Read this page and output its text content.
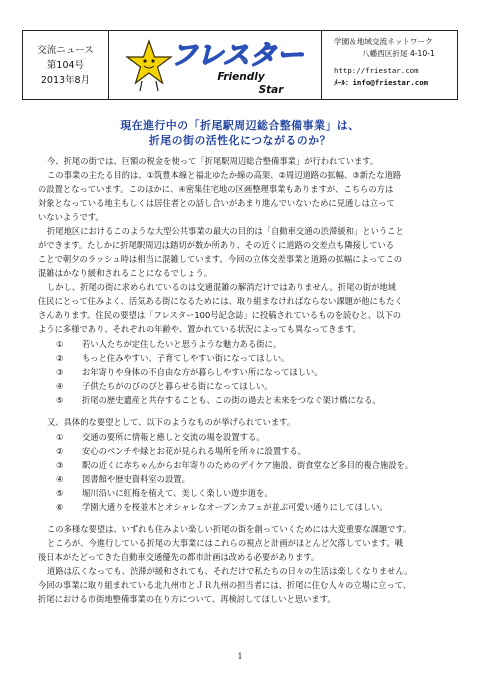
交流ニュース
第104号
2013年8月
フレスター
Friendly
Star
学園＆地域交流ネットワーク
八幡西区折尾 4-10-1
http://friestar.com
ﾒｰﾙ：info@friestar.com
現在進行中の「折尾駅周辺総合整備事業」は、
折尾の街の活性化につながるのか？
今、折尾の街では、巨額の税金を使って「折尾駅周辺総合整備事業」が行われています。
この事業の主たる目的は、①筑豊本線と福北ゆたか線の高架、②周辺道路の拡幅、③新たな道路
の設置となっています。このほかに、④密集住宅地の区画整理事業もありますが、こちらの方は
対象となっている地主もしくは居住者との話し合いがあまり進んでいないために見通しは立って
いないようです。
折尾地区におけるこのような大型公共事業の最大の目的は「自動車交通の渋滞緩和」ということ
ができます。たしかに折尾駅周辺は踏切が数か所あり、その近くに道路の交差点も隣接している
ことで朝夕のラッシュ時は相当に混雑しています。今回の立体交差事業と道路の拡幅によってこの
混雑はかなり緩和されることになるでしょう。
しかし、折尾の街に求められているのは交通混雑の解消だけではありません。折尾の街が地域
住民にとって住みよく、活気ある街になるためには、取り組まなければならない課題が他にもたく
さんあります。住民の要望は「フレスター100号記念誌」に投稿されているものを読むと、以下の
ように多様であり、それぞれの年齢や、置かれている状況によっても異なってきます。
① 若い人たちが定住したいと思うような魅力ある街に。
② もっと住みやすい、子育てしやすい街になってほしい。
③ お年寄りや身体の不自由な方が暮らしやすい所になってほしい。
④ 子供たちがのびのびと暮らせる街になってほしい。
⑤ 折尾の歴史遺産と共存することも、この街の過去と未来をつなぐ架け橋になる。
又、具体的な要望として、以下のようなものが挙げられています。
① 交通の要所に情報と癒しと交流の場を設置する。
② 安心のベンチや緑とお花が見られる場所を所々に設置する。
③ 駅の近くに赤ちゃんからお年寄りのためのデイケア施設、街食堂など多目的複合施設を。
④ 図書館や歴史資料室の設置。
⑤ 堀川沿いに紅梅を植えて、美しく楽しい遊歩道を。
⑥ 学園大通りを桜並木とオシャレなオープンカフェが並ぶ可愛い通りにしてほしい。
この多様な要望は、いずれも住みよい楽しい折尾の街を創っていくためには大変重要な課題です。
ところが、今進行している折尾の大事業にはこれらの視点と計画がほとんど欠落しています。戦
後日本がたどってきた自動車交通優先の都市計画は改める必要があります。
道路は広くなっても、渋滞が緩和されても、それだけで私たちの日々の生活は楽しくなりません。
今回の事業に取り組まれている北九州市とＪＲ九州の担当者には、折尾に住む人々の立場に立って、
折尾における市街地整備事業の在り方について、再検討してほしいと思います。
1
